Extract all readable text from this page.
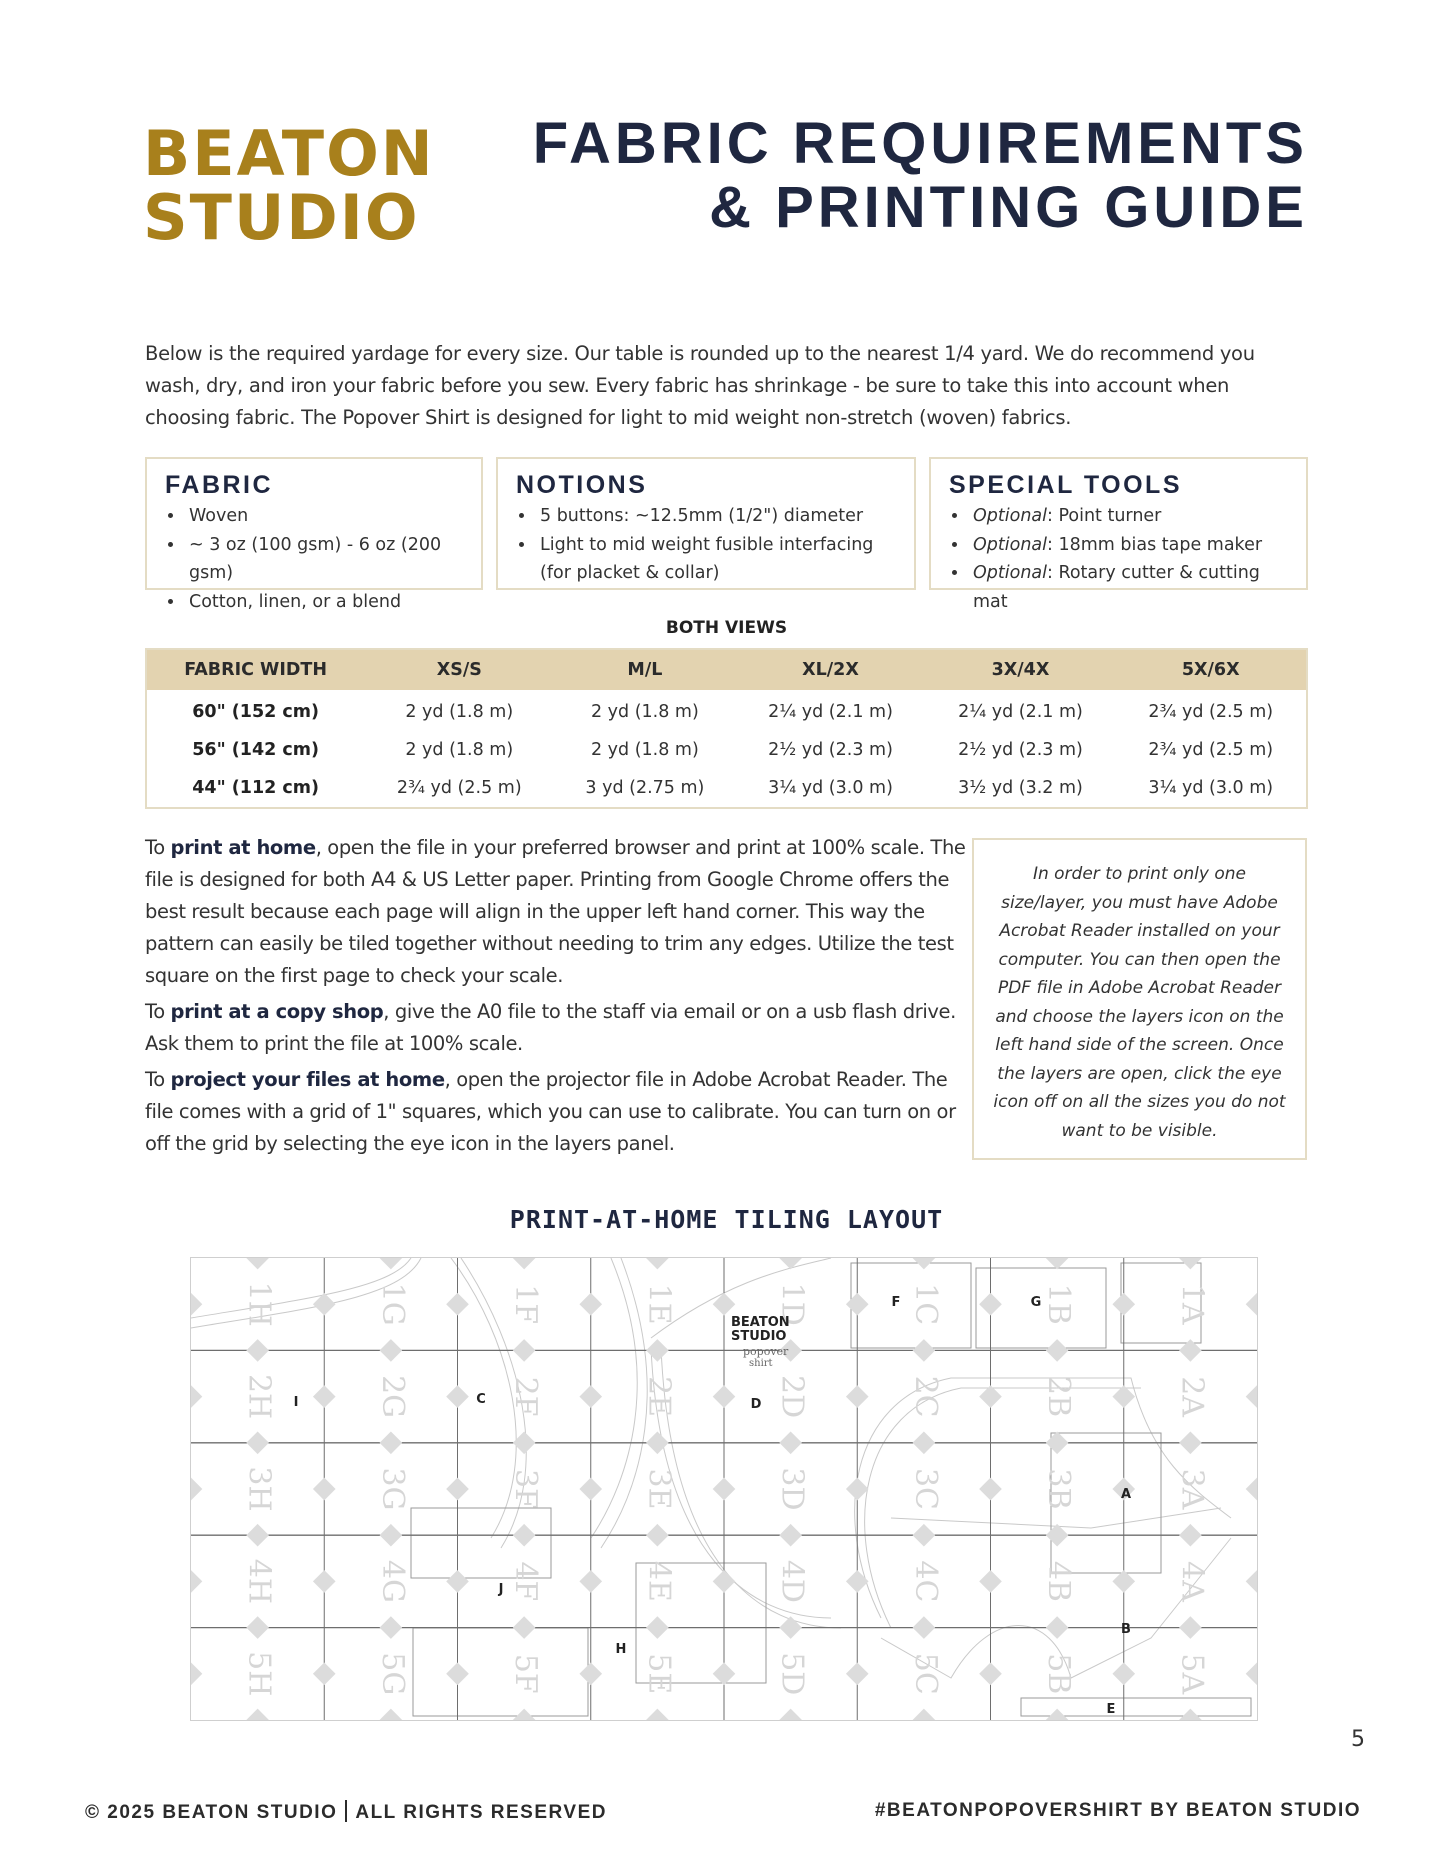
BEATON
STUDIO
FABRIC REQUIREMENTS
& PRINTING GUIDE
Below is the required yardage for every size. Our table is rounded up to the nearest 1/4 yard. We do recommend you wash, dry, and iron your fabric before you sew. Every fabric has shrinkage - be sure to take this into account when choosing fabric. The Popover Shirt is designed for light to mid weight non-stretch (woven) fabrics.
FABRIC
• Woven
• ~ 3 oz (100 gsm) - 6 oz (200 gsm)
• Cotton, linen, or a blend
NOTIONS
• 5 buttons: ~12.5mm (1/2") diameter
• Light to mid weight fusible interfacing (for placket & collar)
SPECIAL TOOLS
• Optional: Point turner
• Optional: 18mm bias tape maker
• Optional: Rotary cutter & cutting mat
BOTH VIEWS
FABRIC WIDTH	XS/S	M/L	XL/2X	3X/4X	5X/6X
60" (152 cm)	2 yd (1.8 m)	2 yd (1.8 m)	2¼ yd (2.1 m)	2¼ yd (2.1 m)	2¾ yd (2.5 m)
56" (142 cm)	2 yd (1.8 m)	2 yd (1.8 m)	2½ yd (2.3 m)	2½ yd (2.3 m)	2¾ yd (2.5 m)
44" (112 cm)	2¾ yd (2.5 m)	3 yd (2.75 m)	3¼ yd (3.0 m)	3½ yd (3.2 m)	3¼ yd (3.0 m)

To print at home, open the file in your preferred browser and print at 100% scale. The file is designed for both A4 & US Letter paper. Printing from Google Chrome offers the best result because each page will align in the upper left hand corner. This way the pattern can easily be tiled together without needing to trim any edges. Utilize the test square on the first page to check your scale.

To print at a copy shop, give the A0 file to the staff via email or on a usb flash drive. Ask them to print the file at 100% scale.

To project your files at home, open the projector file in Adobe Acrobat Reader. The file comes with a grid of 1" squares, which you can use to calibrate. You can turn on or off the grid by selecting the eye icon in the layers panel.

In order to print only one size/layer, you must have Adobe Acrobat Reader installed on your computer. You can then open the PDF file in Adobe Acrobat Reader and choose the layers icon on the left hand side of the screen. Once the layers are open, click the eye icon off on all the sizes you do not want to be visible.
PRINT-AT-HOME TILING LAYOUT
1H	1G	1F	1E	1D	1C	1B	1A
2H	2G	2F	2E	2D	2C	2B	2A
3H	3G	3F	3E	3D	3C	3B	3A
4H	4G	4F	4E	4D	4C	4B	4A
5H	5G	5F	5E	5D	5C	5B	5A
I	C	D
F	G
A
J
B
H
E
BEATON
STUDIO
popover
shirt
5
© 2025 BEATON STUDIO ALL RIGHTS RESERVED	#BEATONPOPOVERSHIRT BY BEATON STUDIO
